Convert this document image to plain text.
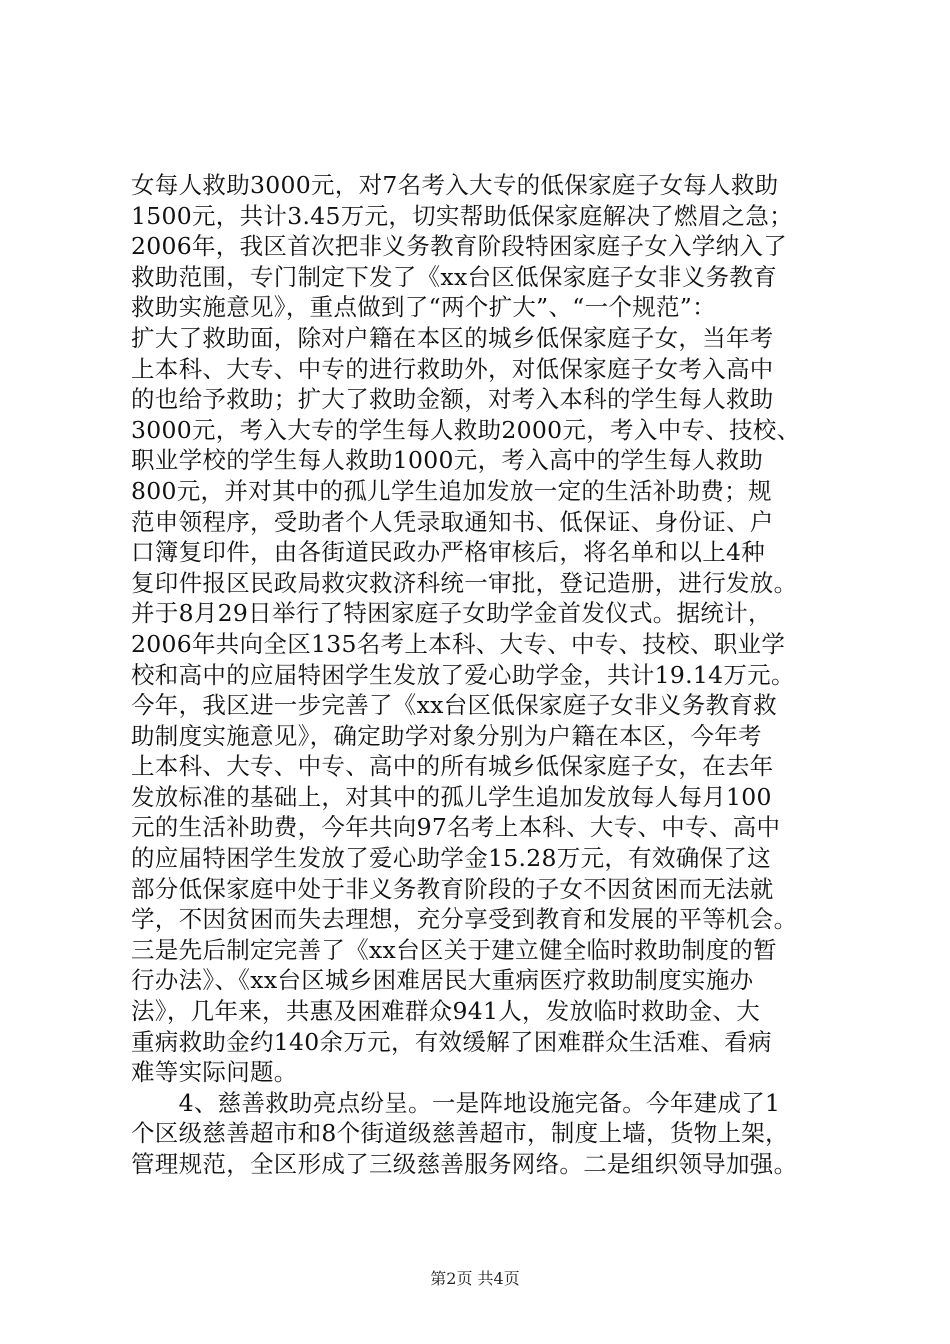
女每人救助3000元，对7名考入大专的低保家庭子女每人救助
1500元，共计3.45万元，切实帮助低保家庭解决了燃眉之急；
2006年，我区首次把非义务教育阶段特困家庭子女入学纳入了
救助范围，专门制定下发了《xx台区低保家庭子女非义务教育
救助实施意见》，重点做到了“两个扩大”、“一个规范”：
扩大了救助面，除对户籍在本区的城乡低保家庭子女，当年考
上本科、大专、中专的进行救助外，对低保家庭子女考入高中
的也给予救助；扩大了救助金额，对考入本科的学生每人救助
3000元，考入大专的学生每人救助2000元，考入中专、技校、
职业学校的学生每人救助1000元，考入高中的学生每人救助
800元，并对其中的孤儿学生追加发放一定的生活补助费；规
范申领程序，受助者个人凭录取通知书、低保证、身份证、户
口簿复印件，由各街道民政办严格审核后，将名单和以上4种
复印件报区民政局救灾救济科统一审批，登记造册，进行发放。
并于8月29日举行了特困家庭子女助学金首发仪式。据统计，
2006年共向全区135名考上本科、大专、中专、技校、职业学
校和高中的应届特困学生发放了爱心助学金，共计19.14万元。
今年，我区进一步完善了《xx台区低保家庭子女非义务教育救
助制度实施意见》，确定助学对象分别为户籍在本区，今年考
上本科、大专、中专、高中的所有城乡低保家庭子女，在去年
发放标准的基础上，对其中的孤儿学生追加发放每人每月100
元的生活补助费，今年共向97名考上本科、大专、中专、高中
的应届特困学生发放了爱心助学金15.28万元，有效确保了这
部分低保家庭中处于非义务教育阶段的子女不因贫困而无法就
学，不因贫困而失去理想，充分享受到教育和发展的平等机会。
三是先后制定完善了《xx台区关于建立健全临时救助制度的暂
行办法》、《xx台区城乡困难居民大重病医疗救助制度实施办
法》，几年来，共惠及困难群众941人，发放临时救助金、大
重病救助金约140余万元，有效缓解了困难群众生活难、看病
难等实际问题。
　　4、慈善救助亮点纷呈。一是阵地设施完备。今年建成了1
个区级慈善超市和8个街道级慈善超市，制度上墙，货物上架，
管理规范，全区形成了三级慈善服务网络。二是组织领导加强。
第2页 共4页
